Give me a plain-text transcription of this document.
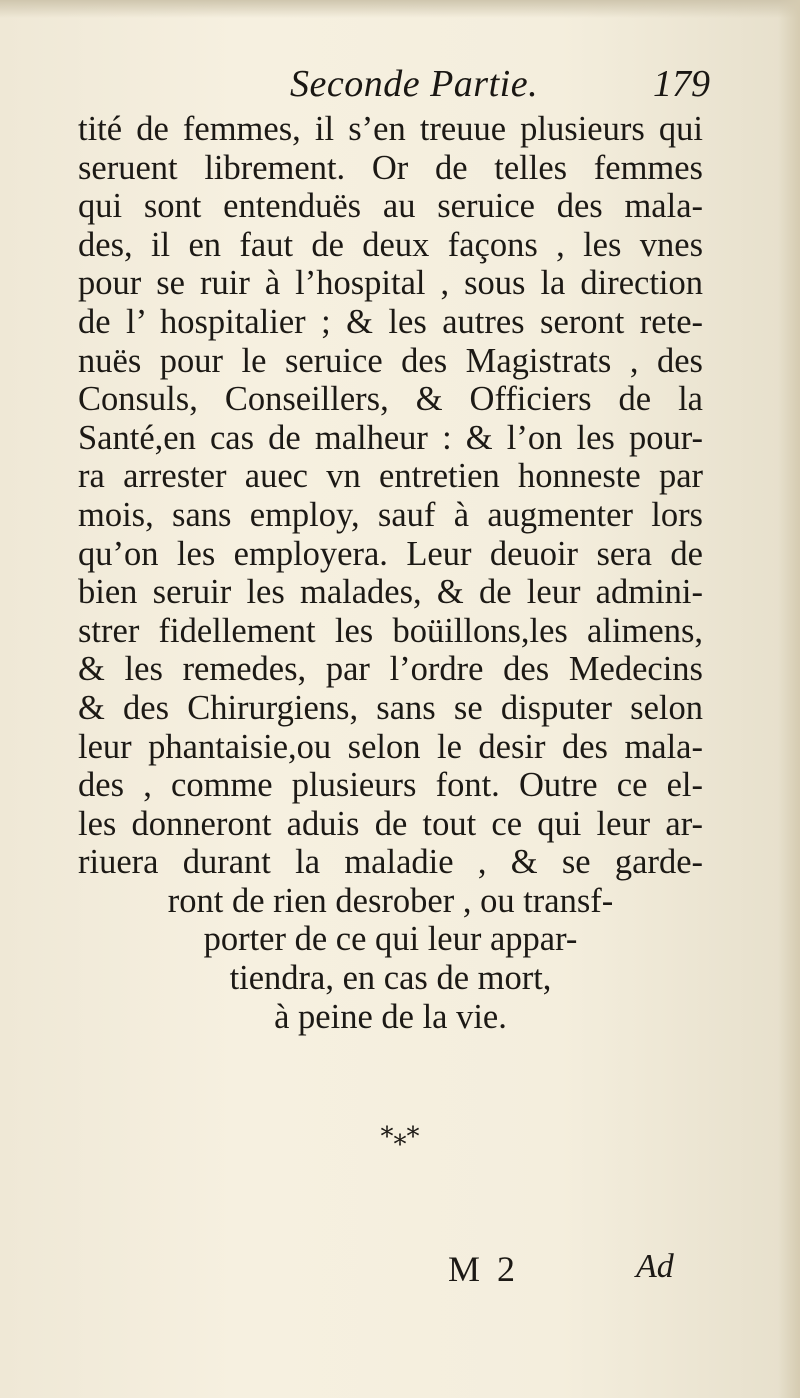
Seconde Partie.	179
tité de femmes, il s’en treuue plusieurs qui
seruent librement. Or de telles femmes
qui sont entenduës au seruice des mala-
des, il en faut de deux façons , les vnes
pour se ruir à l’hospital , sous la direction
de l’ hospitalier ; & les autres seront rete-
nuës pour le seruice des Magistrats , des
Consuls, Conseillers, & Officiers de la
Santé,en cas de malheur : & l’on les pour-
ra arrester auec vn entretien honneste par
mois, sans employ, sauf à augmenter lors
qu’on les employera. Leur deuoir sera de
bien seruir les malades, & de leur admini-
strer fidellement les boüillons,les alimens,
& les remedes, par l’ordre des Medecins
& des Chirurgiens, sans se disputer selon
leur phantaisie,ou selon le desir des mala-
des , comme plusieurs font. Outre ce el-
les donneront aduis de tout ce qui leur ar-
riuera durant la maladie , & se garde-
ront de rien desrober , ou transf-
porter de ce qui leur appar-
tiendra, en cas de mort,
à peine de la vie.
*⁎*
M 2	Ad
